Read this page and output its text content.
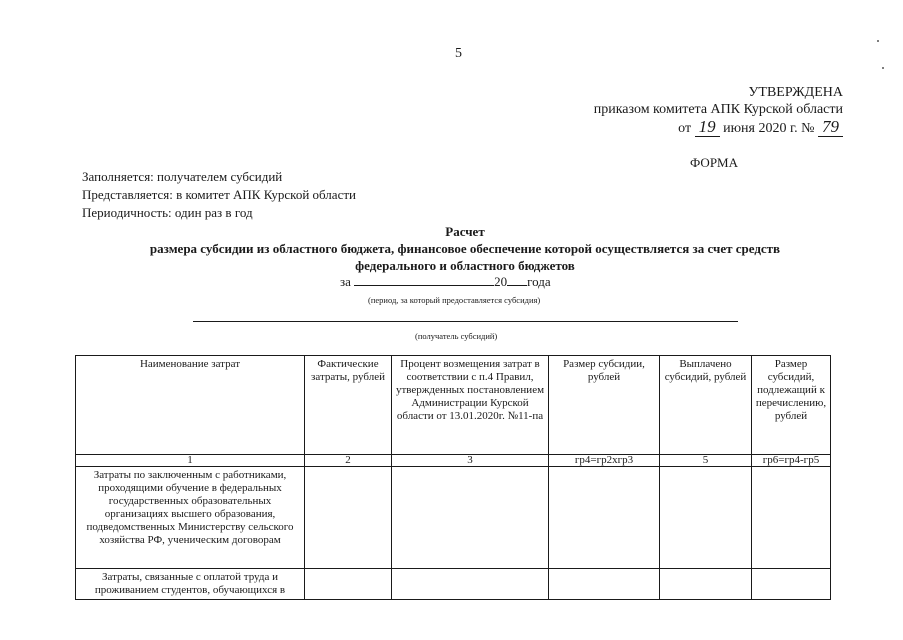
5
УТВЕРЖДЕНА
приказом комитета АПК Курской области
от 19 июня 2020 г. № 79
ФОРМА
Заполняется: получателем субсидий
Представляется: в комитет АПК Курской области
Периодичность: один раз в год
Расчет
размера субсидии из областного бюджета, финансовое обеспечение которой осуществляется за счет средств
федерального и областного бюджетов
за	20 года
(период, за который предоставляется субсидия)
(получатель субсидий)
Наименование затрат	Фактические затраты, рублей	Процент возмещения затрат в соответствии с п.4 Правил, утвержденных постановлением Администрации Курской области от 13.01.2020г. №11-па	Размер субсидии, рублей	Выплачено субсидий, рублей	Размер субсидий, подлежащий к перечислению, рублей
1	2	3	гр4=гр2хгр3	5	гр6=гр4-гр5
Затраты по заключенным с работниками, проходящими обучение в федеральных государственных образовательных организациях высшего образования, подведомственных Министерству сельского хозяйства РФ, ученическим договорам					
Затраты, связанные с оплатой труда и проживанием студентов, обучающихся в					
